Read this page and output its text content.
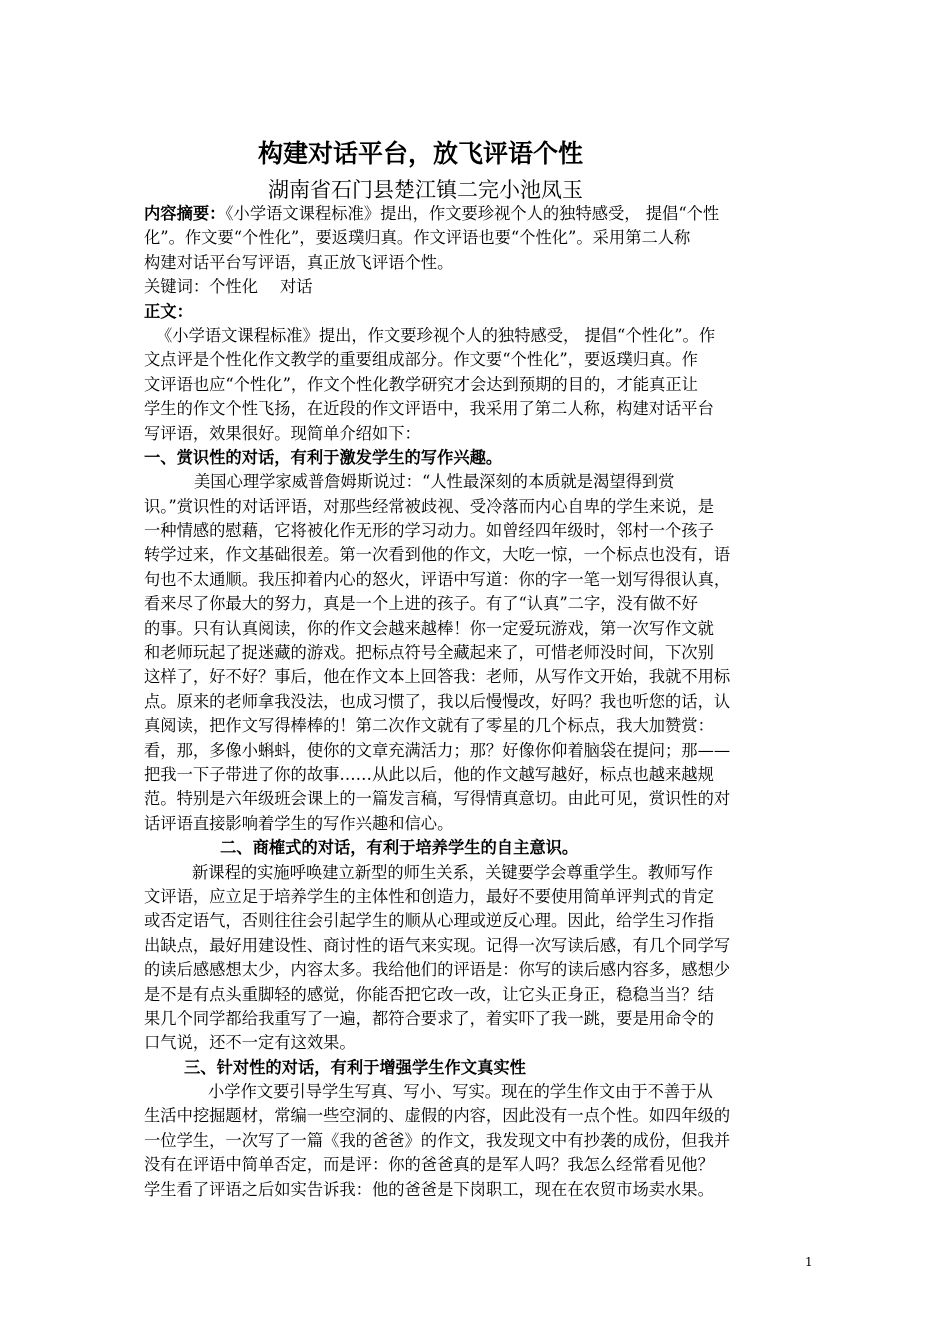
构建对话平台，放飞评语个性
湖南省石门县楚江镇二完小池凤玉
内容摘要：《小学语文课程标准》提出，作文要珍视个人的独特感受， 提倡“个性
化”。作文要“个性化”，要返璞归真。作文评语也要“个性化”。采用第二人称
构建对话平台写评语，真正放飞评语个性。
关键词：个性化 对话
正文：
《小学语文课程标准》提出，作文要珍视个人的独特感受， 提倡“个性化”。作
文点评是个性化作文教学的重要组成部分。作文要“个性化”，要返璞归真。作
文评语也应“个性化”，作文个性化教学研究才会达到预期的目的，才能真正让
学生的作文个性飞扬，在近段的作文评语中，我采用了第二人称，构建对话平台
写评语，效果很好。现简单介绍如下：
一、赏识性的对话，有利于激发学生的写作兴趣。
美国心理学家威普詹姆斯说过：“人性最深刻的本质就是渴望得到赏
识。”赏识性的对话评语，对那些经常被歧视、受冷落而内心自卑的学生来说，是
一种情感的慰藉，它将被化作无形的学习动力。如曾经四年级时，邻村一个孩子
转学过来，作文基础很差。第一次看到他的作文，大吃一惊，一个标点也没有，语
句也不太通顺。我压抑着内心的怒火，评语中写道：你的字一笔一划写得很认真，
看来尽了你最大的努力，真是一个上进的孩子。有了“认真”二字，没有做不好
的事。只有认真阅读，你的作文会越来越棒！你一定爱玩游戏，第一次写作文就
和老师玩起了捉迷藏的游戏。把标点符号全藏起来了，可惜老师没时间，下次别
这样了，好不好？事后，他在作文本上回答我：老师，从写作文开始，我就不用标
点。原来的老师拿我没法，也成习惯了，我以后慢慢改，好吗？我也听您的话，认
真阅读，把作文写得棒棒的！第二次作文就有了零星的几个标点，我大加赞赏：
看，那，多像小蝌蚪，使你的文章充满活力；那？好像你仰着脑袋在提问；那——
把我一下子带进了你的故事……从此以后，他的作文越写越好，标点也越来越规
范。特别是六年级班会课上的一篇发言稿，写得情真意切。由此可见，赏识性的对
话评语直接影响着学生的写作兴趣和信心。
二、商榷式的对话，有利于培养学生的自主意识。
新课程的实施呼唤建立新型的师生关系，关键要学会尊重学生。教师写作
文评语，应立足于培养学生的主体性和创造力，最好不要使用简单评判式的肯定
或否定语气，否则往往会引起学生的顺从心理或逆反心理。因此，给学生习作指
出缺点，最好用建设性、商讨性的语气来实现。记得一次写读后感，有几个同学写
的读后感感想太少，内容太多。我给他们的评语是：你写的读后感内容多，感想少
是不是有点头重脚轻的感觉，你能否把它改一改，让它头正身正，稳稳当当？结
果几个同学都给我重写了一遍，都符合要求了，着实吓了我一跳，要是用命令的
口气说，还不一定有这效果。
三、针对性的对话，有利于增强学生作文真实性
小学作文要引导学生写真、写小、写实。现在的学生作文由于不善于从
生活中挖掘题材，常编一些空洞的、虚假的内容，因此没有一点个性。如四年级的
一位学生，一次写了一篇《我的爸爸》的作文，我发现文中有抄袭的成份，但我并
没有在评语中简单否定，而是评：你的爸爸真的是军人吗？我怎么经常看见他？
学生看了评语之后如实告诉我：他的爸爸是下岗职工，现在在农贸市场卖水果。
1
